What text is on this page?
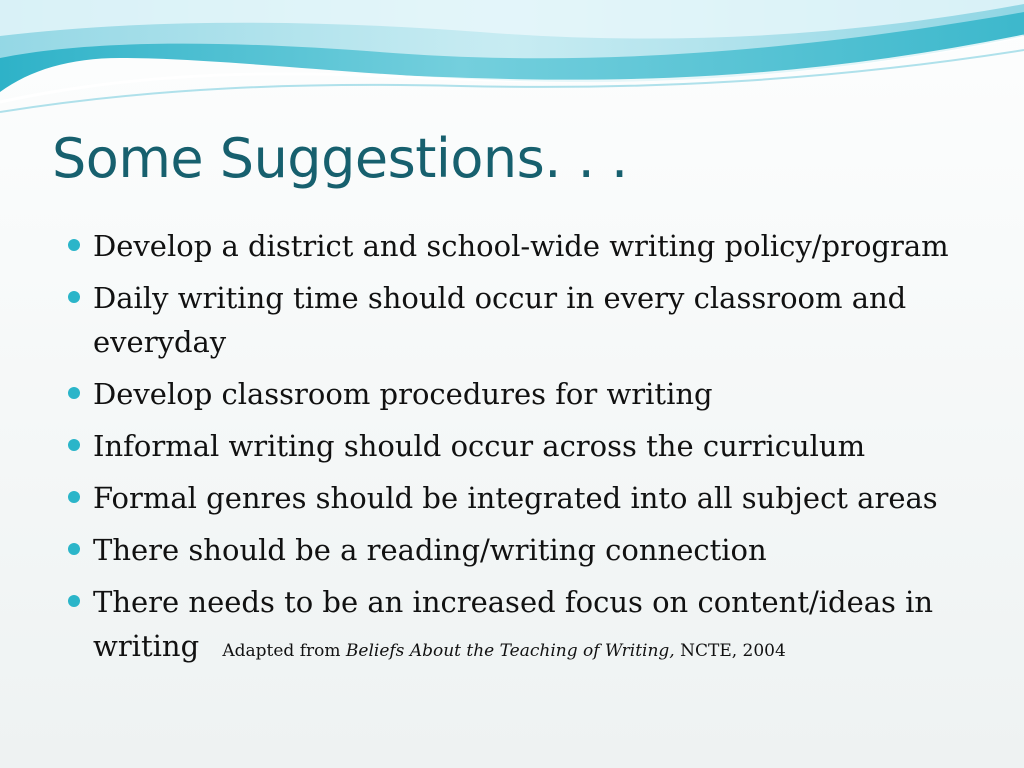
Some Suggestions. . .
Develop a district and school-wide writing policy/program
Daily writing time should occur in every classroom and everyday
Develop classroom procedures for writing
Informal writing should occur across the curriculum
Formal genres should be integrated into all subject areas
There should be a reading/writing connection
There needs to be an increased focus on content/ideas in writing Adapted from Beliefs About the Teaching of Writing, NCTE, 2004
